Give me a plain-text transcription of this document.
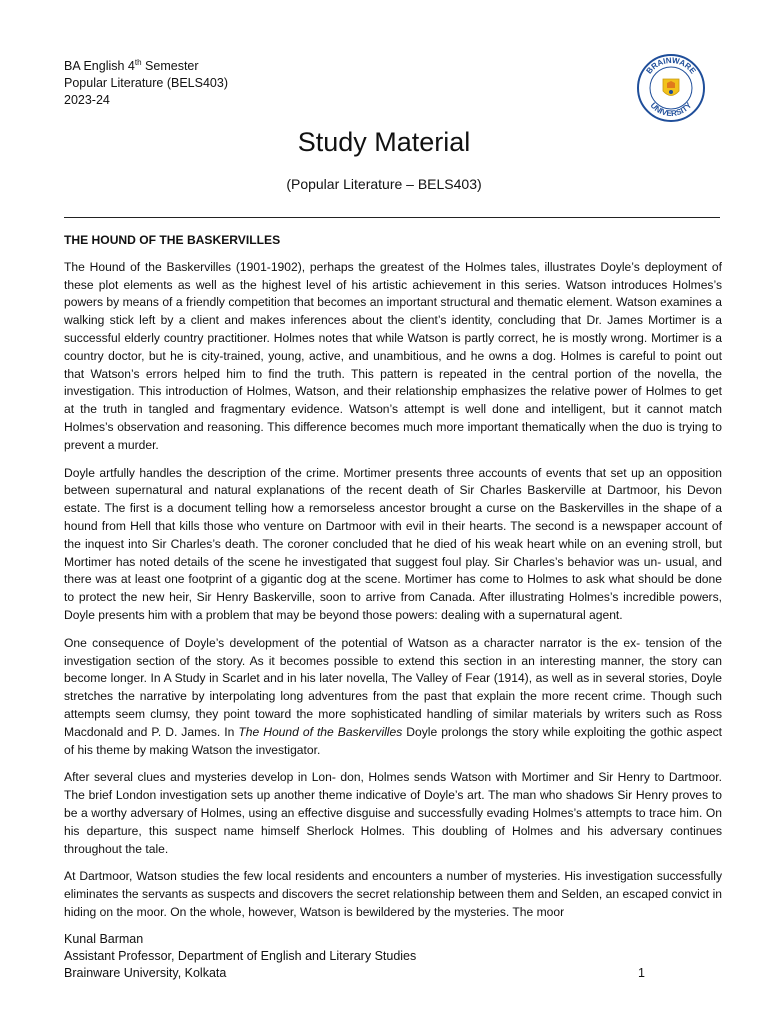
BA English 4th Semester
Popular Literature (BELS403)
2023-24
BRAINWARE
UNIVERSITY
Study Material
(Popular Literature – BELS403)
THE HOUND OF THE BASKERVILLES

The Hound of the Baskervilles (1901-1902), perhaps the greatest of the Holmes tales, illustrates Doyle’s deployment of these plot elements as well as the highest level of his artistic achievement in this series. Watson introduces Holmes’s powers by means of a friendly competition that becomes an important structural and thematic element. Watson examines a walking stick left by a client and makes inferences about the client’s identity, concluding that Dr. James Mortimer is a successful elderly country practitioner. Holmes notes that while Watson is partly correct, he is mostly wrong. Mortimer is a country doctor, but he is city-trained, young, active, and unambitious, and he owns a dog. Holmes is careful to point out that Watson’s errors helped him to find the truth. This pattern is repeated in the central portion of the novella, the investigation. This introduction of Holmes, Watson, and their relationship emphasizes the relative power of Holmes to get at the truth in tangled and fragmentary evidence. Watson’s attempt is well done and intelligent, but it cannot match Holmes’s observation and reasoning. This difference becomes much more important thematically when the duo is trying to prevent a murder.

Doyle artfully handles the description of the crime. Mortimer presents three accounts of events that set up an opposition between supernatural and natural explanations of the recent death of Sir Charles Baskerville at Dartmoor, his Devon estate. The first is a document telling how a remorseless ancestor brought a curse on the Baskervilles in the shape of a hound from Hell that kills those who venture on Dartmoor with evil in their hearts. The second is a newspaper account of the inquest into Sir Charles’s death. The coroner concluded that he died of his weak heart while on an evening stroll, but Mortimer has noted details of the scene he investigated that suggest foul play. Sir Charles’s behavior was un- usual, and there was at least one footprint of a gigantic dog at the scene. Mortimer has come to Holmes to ask what should be done to protect the new heir, Sir Henry Baskerville, soon to arrive from Canada. After illustrating Holmes’s incredible powers, Doyle presents him with a problem that may be beyond those powers: dealing with a supernatural agent.

One consequence of Doyle’s development of the potential of Watson as a character narrator is the ex- tension of the investigation section of the story. As it becomes possible to extend this section in an interesting manner, the story can become longer. In A Study in Scarlet and in his later novella, The Valley of Fear (1914), as well as in several stories, Doyle stretches the narrative by interpolating long adventures from the past that explain the more recent crime. Though such attempts seem clumsy, they point toward the more sophisticated handling of similar materials by writers such as Ross Macdonald and P. D. James. In The Hound of the Baskervilles Doyle prolongs the story while exploiting the gothic aspect of his theme by making Watson the investigator.

After several clues and mysteries develop in Lon- don, Holmes sends Watson with Mortimer and Sir Henry to Dartmoor. The brief London investigation sets up another theme indicative of Doyle’s art. The man who shadows Sir Henry proves to be a worthy adversary of Holmes, using an effective disguise and successfully evading Holmes’s attempts to trace him. On his departure, this suspect name himself Sherlock Holmes. This doubling of Holmes and his adversary continues throughout the tale.

At Dartmoor, Watson studies the few local residents and encounters a number of mysteries. His investigation successfully eliminates the servants as suspects and discovers the secret relationship between them and Selden, an escaped convict in hiding on the moor. On the whole, however, Watson is bewildered by the mysteries. The moor

Kunal Barman
Assistant Professor, Department of English and Literary Studies
Brainware University, Kolkata	1
